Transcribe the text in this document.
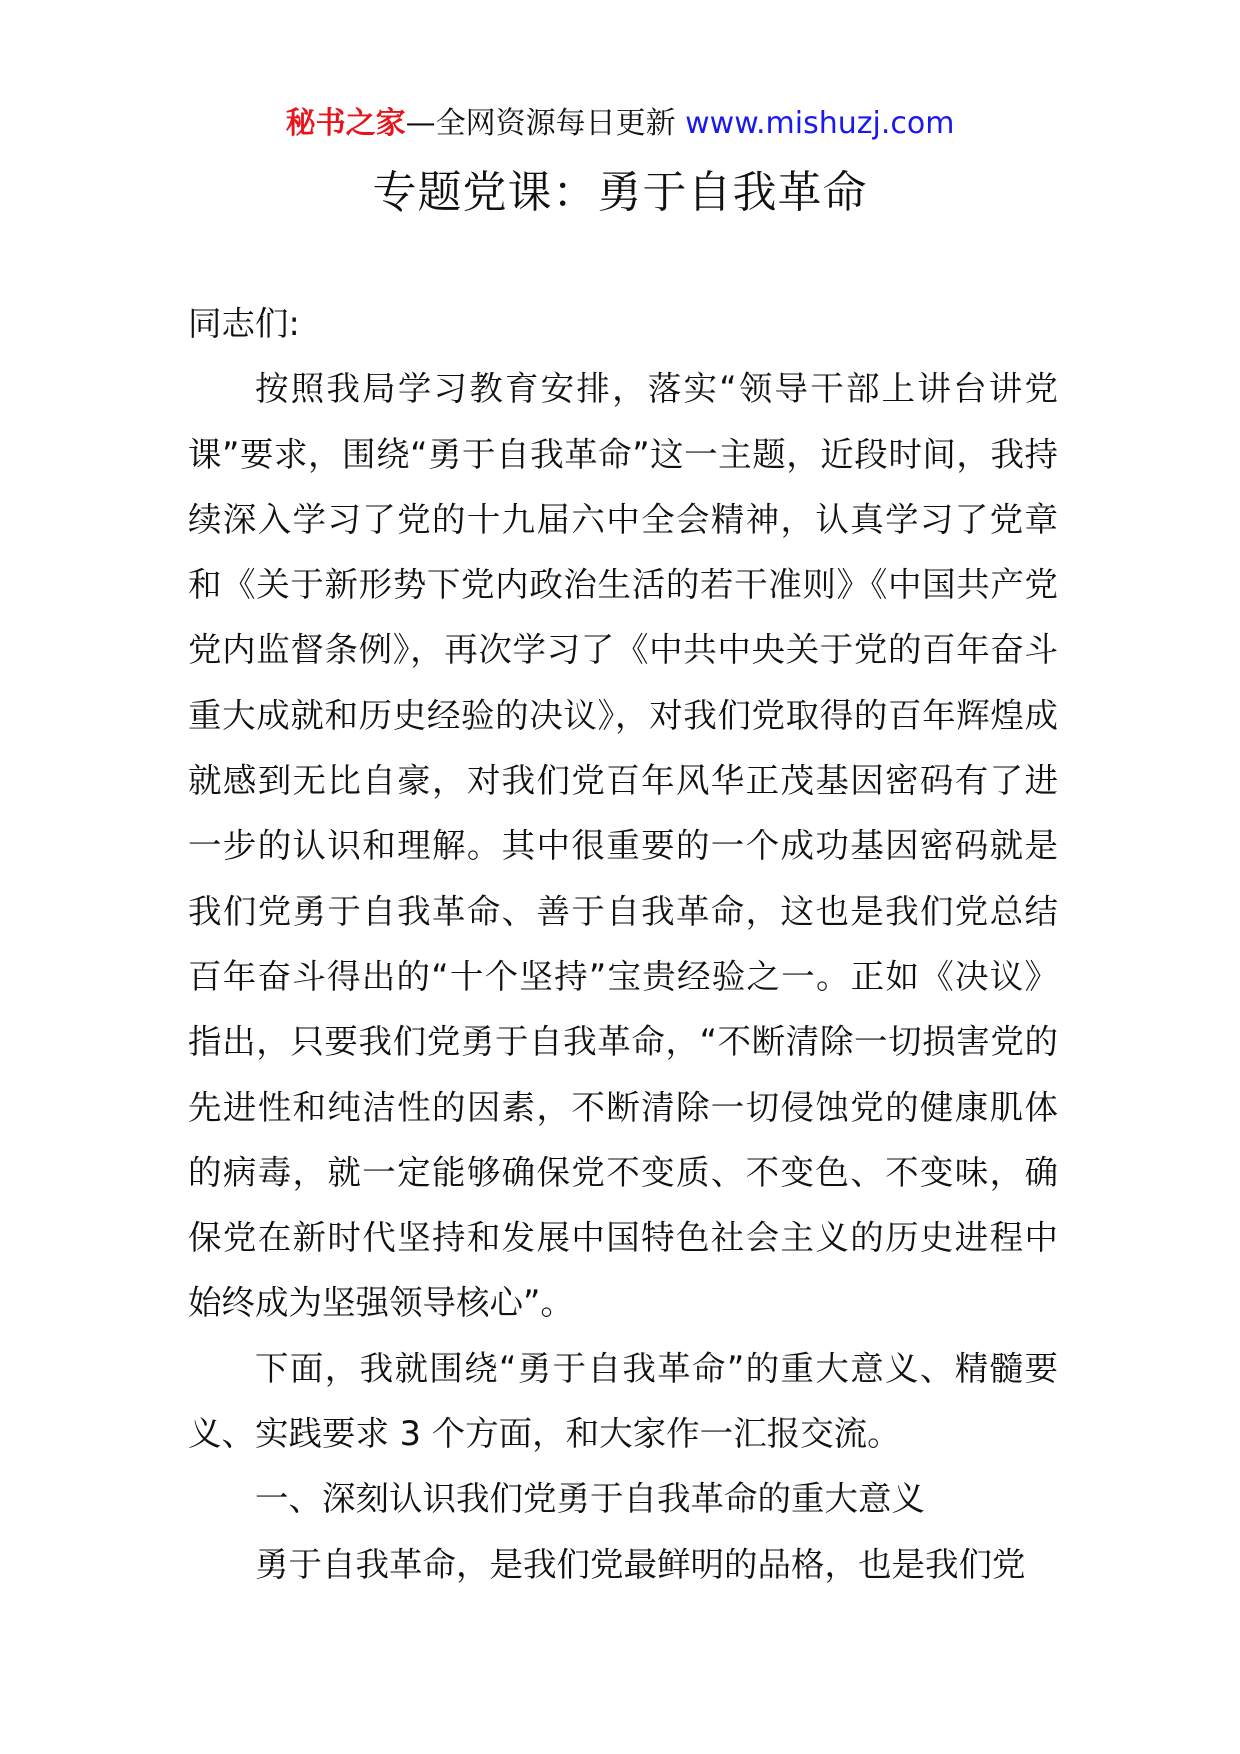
秘书之家—全网资源每日更新 www.mishuzj.com
专题党课：勇于自我革命

同志们:

按照我局学习教育安排，落实“领导干部上讲台讲党课”要求，围绕“勇于自我革命”这一主题，近段时间，我持续深入学习了党的十九届六中全会精神，认真学习了党章和《关于新形势下党内政治生活的若干准则》《中国共产党党内监督条例》，再次学习了《中共中央关于党的百年奋斗重大成就和历史经验的决议》，对我们党取得的百年辉煌成就感到无比自豪，对我们党百年风华正茂基因密码有了进一步的认识和理解。其中很重要的一个成功基因密码就是我们党勇于自我革命、善于自我革命，这也是我们党总结百年奋斗得出的“十个坚持”宝贵经验之一。正如《决议》指出，只要我们党勇于自我革命，“不断清除一切损害党的先进性和纯洁性的因素，不断清除一切侵蚀党的健康肌体的病毒，就一定能够确保党不变质、不变色、不变味，确保党在新时代坚持和发展中国特色社会主义的历史进程中始终成为坚强领导核心”。

下面，我就围绕“勇于自我革命”的重大意义、精髓要义、实践要求 3 个方面，和大家作一汇报交流。

一、深刻认识我们党勇于自我革命的重大意义

勇于自我革命，是我们党最鲜明的品格，也是我们党
